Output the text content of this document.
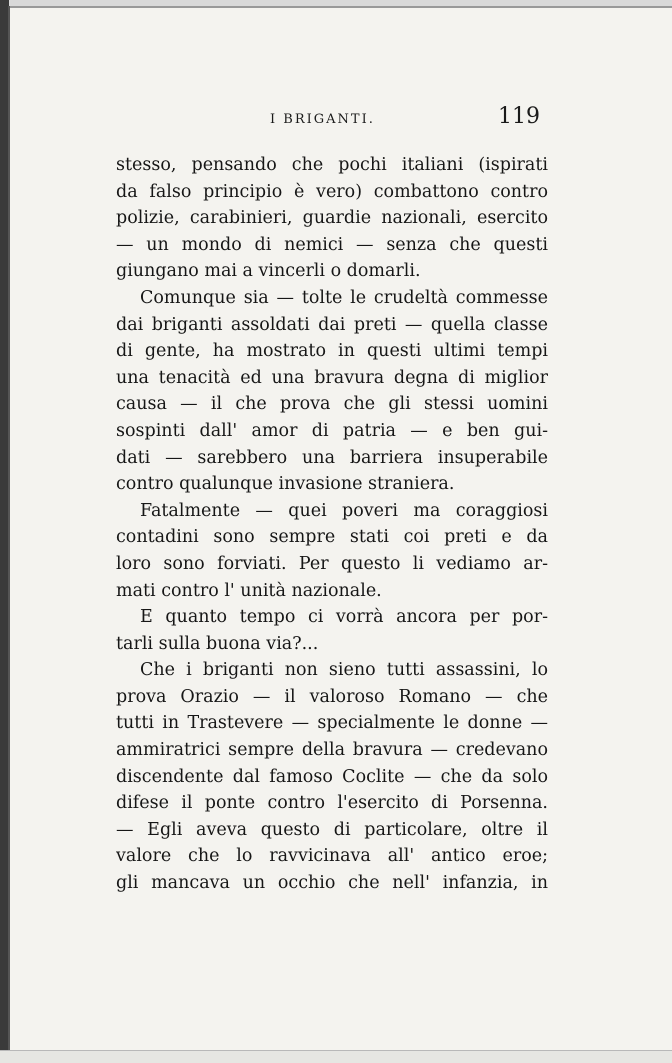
I BRIGANTI.	119
stesso, pensando che pochi italiani (ispirati
da falso principio è vero) combattono contro
polizie, carabinieri, guardie nazionali, esercito
— un mondo di nemici — senza che questi
giungano mai a vincerli o domarli.
Comunque sia — tolte le crudeltà commesse
dai briganti assoldati dai preti — quella classe
di gente, ha mostrato in questi ultimi tempi
una tenacità ed una bravura degna di miglior
causa — il che prova che gli stessi uomini
sospinti dall' amor di patria — e ben gui-
dati — sarebbero una barriera insuperabile
contro qualunque invasione straniera.
Fatalmente — quei poveri ma coraggiosi
contadini sono sempre stati coi preti e da
loro sono forviati. Per questo li vediamo ar-
mati contro l' unità nazionale.
E quanto tempo ci vorrà ancora per por-
tarli sulla buona via?...
Che i briganti non sieno tutti assassini, lo
prova Orazio — il valoroso Romano — che
tutti in Trastevere — specialmente le donne —
ammiratrici sempre della bravura — credevano
discendente dal famoso Coclite — che da solo
difese il ponte contro l'esercito di Porsenna.
— Egli aveva questo di particolare, oltre il
valore che lo ravvicinava all' antico eroe;
gli mancava un occhio che nell' infanzia, in
